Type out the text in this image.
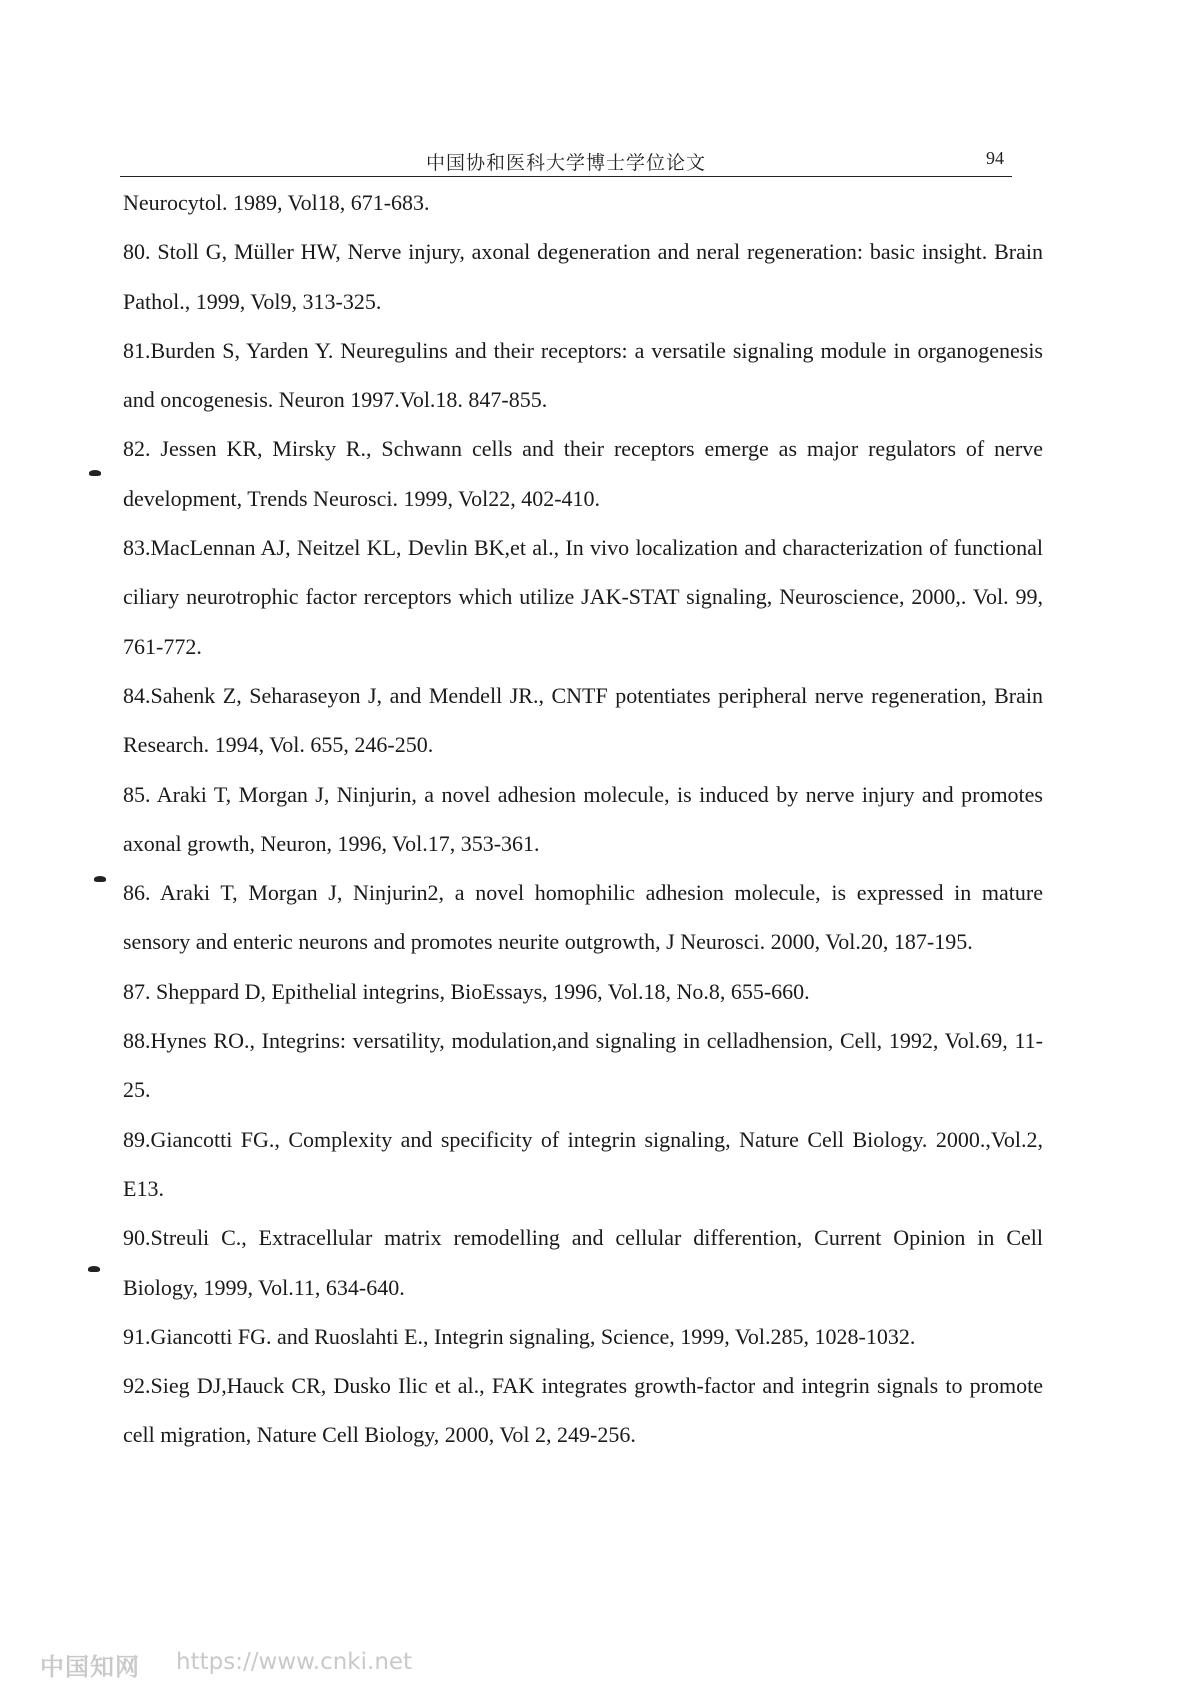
中国协和医科大学博士学位论文	94

Neurocytol. 1989, Vol18, 671-683.

80. Stoll G, Müller HW, Nerve injury, axonal degeneration and neral regeneration: basic insight. Brain Pathol., 1999, Vol9, 313-325.

81.Burden S, Yarden Y. Neuregulins and their receptors: a versatile signaling module in organogenesis and oncogenesis. Neuron 1997.Vol.18. 847-855.

82. Jessen KR, Mirsky R., Schwann cells and their receptors emerge as major regulators of nerve development, Trends Neurosci. 1999, Vol22, 402-410.

83.MacLennan AJ, Neitzel KL, Devlin BK,et al., In vivo localization and characterization of functional ciliary neurotrophic factor rerceptors which utilize JAK-STAT signaling, Neuroscience, 2000,. Vol. 99, 761-772.

84.Sahenk Z, Seharaseyon J, and Mendell JR., CNTF potentiates peripheral nerve regeneration, Brain Research. 1994, Vol. 655, 246-250.

85. Araki T, Morgan J, Ninjurin, a novel adhesion molecule, is induced by nerve injury and promotes axonal growth, Neuron, 1996, Vol.17, 353-361.

86. Araki T, Morgan J, Ninjurin2, a novel homophilic adhesion molecule, is expressed in mature sensory and enteric neurons and promotes neurite outgrowth, J Neurosci. 2000, Vol.20, 187-195.

87. Sheppard D, Epithelial integrins, BioEssays, 1996, Vol.18, No.8, 655-660.

88.Hynes RO., Integrins: versatility, modulation,and signaling in celladhension, Cell, 1992, Vol.69, 11-25.

89.Giancotti FG., Complexity and specificity of integrin signaling, Nature Cell Biology. 2000.,Vol.2, E13.

90.Streuli C., Extracellular matrix remodelling and cellular differention, Current Opinion in Cell Biology, 1999, Vol.11, 634-640.

91.Giancotti FG. and Ruoslahti E., Integrin signaling, Science, 1999, Vol.285, 1028-1032.

92.Sieg DJ,Hauck CR, Dusko Ilic et al., FAK integrates growth-factor and integrin signals to promote cell migration, Nature Cell Biology, 2000, Vol 2, 249-256.

中国知网 https://www.cnki.net
